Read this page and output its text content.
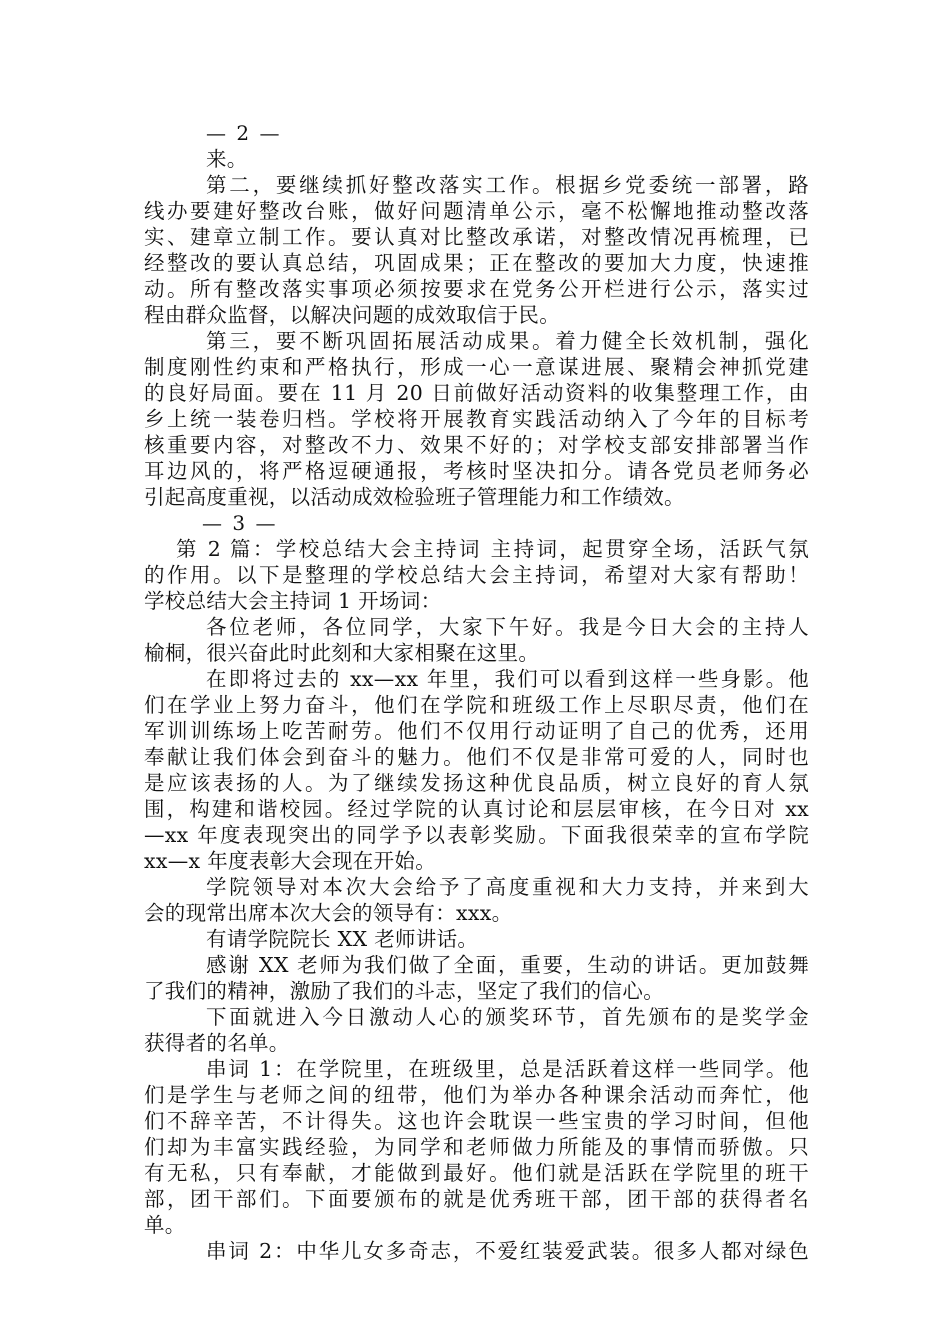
— 2 —
来。
第二，要继续抓好整改落实工作。根据乡党委统一部署，路
线办要建好整改台账，做好问题清单公示，毫不松懈地推动整改落
实、建章立制工作。要认真对比整改承诺，对整改情况再梳理，已
经整改的要认真总结，巩固成果；正在整改的要加大力度，快速推
动。所有整改落实事项必须按要求在党务公开栏进行公示，落实过
程由群众监督，以解决问题的成效取信于民。
第三，要不断巩固拓展活动成果。着力健全长效机制，强化
制度刚性约束和严格执行，形成一心一意谋进展、聚精会神抓党建
的良好局面。要在 11 月 20 日前做好活动资料的收集整理工作，由
乡上统一装卷归档。学校将开展教育实践活动纳入了今年的目标考
核重要内容，对整改不力、效果不好的；对学校支部安排部署当作
耳边风的，将严格逗硬通报，考核时坚决扣分。请各党员老师务必
引起高度重视，以活动成效检验班子管理能力和工作绩效。
— 3 —
第 2 篇：学校总结大会主持词 主持词，起贯穿全场，活跃气氛
的作用。以下是整理的学校总结大会主持词，希望对大家有帮助！
学校总结大会主持词 1 开场词：
各位老师，各位同学，大家下午好。我是今日大会的主持人
榆桐，很兴奋此时此刻和大家相聚在这里。
在即将过去的 xx—xx 年里，我们可以看到这样一些身影。他
们在学业上努力奋斗，他们在学院和班级工作上尽职尽责，他们在
军训训练场上吃苦耐劳。他们不仅用行动证明了自己的优秀，还用
奉献让我们体会到奋斗的魅力。他们不仅是非常可爱的人，同时也
是应该表扬的人。为了继续发扬这种优良品质，树立良好的育人氛
围，构建和谐校园。经过学院的认真讨论和层层审核，在今日对 xx
—xx 年度表现突出的同学予以表彰奖励。下面我很荣幸的宣布学院
xx—x 年度表彰大会现在开始。
学院领导对本次大会给予了高度重视和大力支持，并来到大
会的现常出席本次大会的领导有：xxx。
有请学院院长 XX 老师讲话。
感谢 XX 老师为我们做了全面，重要，生动的讲话。更加鼓舞
了我们的精神，激励了我们的斗志，坚定了我们的信心。
下面就进入今日激动人心的颁奖环节，首先颁布的是奖学金
获得者的名单。
串词 1：在学院里，在班级里，总是活跃着这样一些同学。他
们是学生与老师之间的纽带，他们为举办各种课余活动而奔忙，他
们不辞辛苦，不计得失。这也许会耽误一些宝贵的学习时间，但他
们却为丰富实践经验，为同学和老师做力所能及的事情而骄傲。只
有无私，只有奉献，才能做到最好。他们就是活跃在学院里的班干
部，团干部们。下面要颁布的就是优秀班干部，团干部的获得者名
单。
串词 2：中华儿女多奇志，不爱红装爱武装。很多人都对绿色
